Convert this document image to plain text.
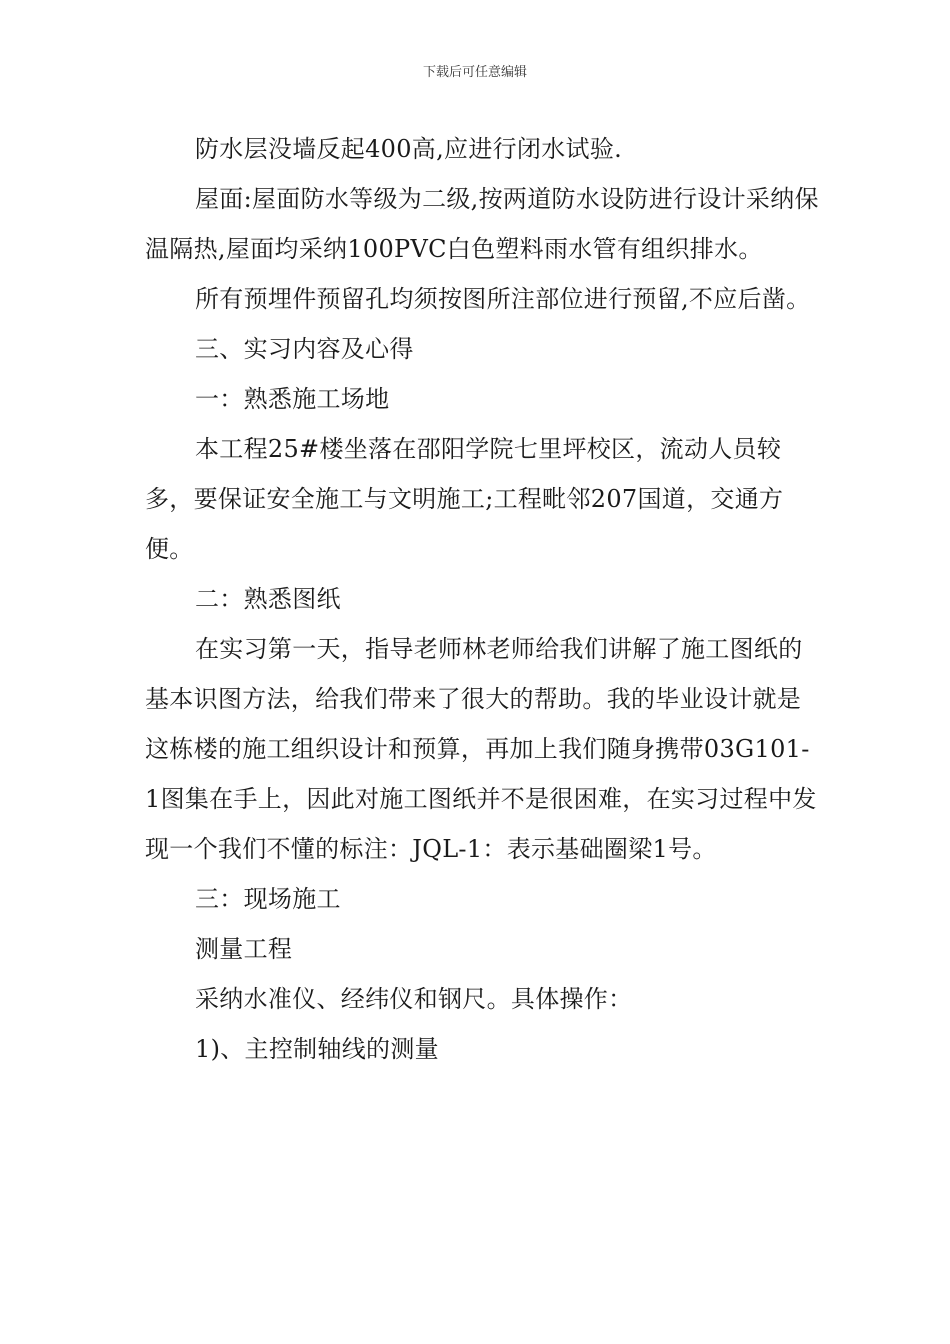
下载后可任意编辑

防水层没墙反起400高,应进行闭水试验.

屋面:屋面防水等级为二级,按两道防水设防进行设计采纳保温隔热,屋面均采纳100PVC白色塑料雨水管有组织排水。

所有预埋件预留孔均须按图所注部位进行预留,不应后凿。

三、实习内容及心得

一：熟悉施工场地

本工程25#楼坐落在邵阳学院七里坪校区，流动人员较多，要保证安全施工与文明施工;工程毗邻207国道，交通方便。

二：熟悉图纸

在实习第一天，指导老师林老师给我们讲解了施工图纸的基本识图方法，给我们带来了很大的帮助。我的毕业设计就是这栋楼的施工组织设计和预算，再加上我们随身携带03G101-1图集在手上，因此对施工图纸并不是很困难，在实习过程中发现一个我们不懂的标注：JQL-1：表示基础圈梁1号。

三：现场施工

测量工程

采纳水准仪、经纬仪和钢尺。具体操作：

1)、主控制轴线的测量
